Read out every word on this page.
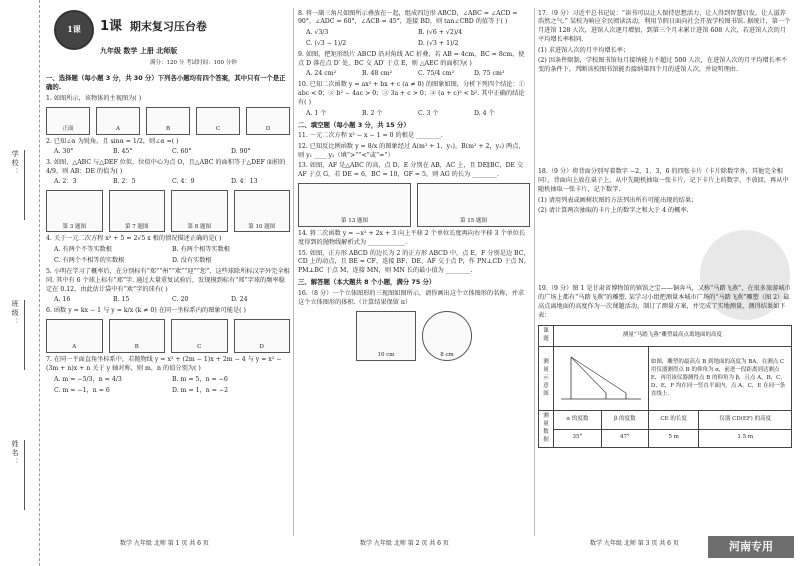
学校：
班级：
姓名：
1课	1课 期末复习压台卷
九年级 数学 上册 北师版
满分：120 分 考试时间：100 分钟
一、选择题（每小题 3 分，共 30 分）下列各小题均有四个答案，其中只有一个是正确的.
1. 如图所示，该物体的主视图为( )
正面	A	B	C	D
2. 已知∠α 为锐角，且 sinα = 1/2，则∠α =( )
A. 30°	B. 45°	C. 60°	D. 90°
3. 如图，△ABC 与△DEF 位似，位似中心为点 O，且△ABC 的面积等于△DEF 面积的 4/9，则 AB：DE 的值为( )
A. 2：3	B. 2：5	C. 4：9	D. 4：13
第 3 题图	第 7 题图	第 8 题图	第 10 题图
4. 关于一元二次方程 x² + 5 = 2√5 x 根的情况描述正确的是( )
A. 有两个不等实数根	B. 有两个相等实数根
C. 有两个不相等的实数根	D. 没有实数根
5. 小明在学习了概率后，在分别标有“郑”“州”“欢”“迎”“您”，这些球除所标汉字外完全相同. 其中有 6 个球上标有“郑”字. 通过大量重复试验后，发现摸到标有“郑”字球的频率稳定在 0.12，由此估计袋中有“欢”字的球有( )
A. 16	B. 15	C. 20	D. 24
6. 函数 y = kx − 1 与 y = k/x (k ≠ 0) 在同一坐标系内的图象可能是( )
A	B	C	D
7. 在同一平面直角坐标系中，若抛物线 y = x² + (2m − 1)x + 2m − 4 与 y = x² − (3m + n)x + n 关于 y 轴对称，则 m，n 的值分别为( )
A. m = −5/3，n = 4/3	B. m = 5，n = −6
C. m = −1，n = 6	D. m = 1，n = −2
数学 九年级 北师 第 1 页 共 6 页
8. 将一副三角尺如图所示叠放在一起，组成四边形 ABCD，∠ABC = ∠ACD = 90°，∠ADC = 60°，∠ACB = 45°，连接 BD，则 tan∠CBD 的值等于( )
A. √3/3	B. (√6 + √2)/4
C. (√3 − 1)/2	D. (√3 + 1)/2
9. 如图，把矩形纸片 ABCD 沿对角线 AC 折叠，若 AB = 4cm，BC = 8cm，使点 D 落在点 D′ 处，BC 交 AD′ 于点 E，则 △AEC 的面积为( )
A. 24 cm²	B. 48 cm²	C. 75/4 cm²	D. 75 cm²
10. 已知二次函数 y = ax² + bx + c (a ≠ 0) 的图象如图，分析下列四个结论：① abc < 0；② b² − 4ac > 0；③ 3a + c > 0；④ (a + c)² < b². 其中正确的结论有( )
A. 1 个	B. 2 个	C. 3 个	D. 4 个
二、填空题（每小题 3 分，共 15 分）
11. 一元二次方程 x² − x − 1 = 0 的根是 ________.
12. 已知反比例函数 y = 8/x 的图象经过 A(m² + 1，y₁)，B(m² + 2，y₂) 两点，则 y₁ ____ y₂（填“>”“<”或“=”）
13. 如图，AF 是△ABC 的高，点 D，E 分别在 AB，AC 上，且 DE∥BC，DE 交 AF 于点 G，若 DE = 6，BC = 10，GF = 5，则 AG 的长为 ________.
第 13 题图	第 15 题图
14. 将二次函数 y = −x² + 2x + 3 向上平移 2 个单位长度再向右平移 3 个单位长度得到的抛物线解析式为 ____________.
15. 如图，正方形 ABCD 的边长为 2 的正方形 ABCD 中，点 E，F 分别是边 BC，CD 上的动点，且 BE = CF，连接 BF，DE，AF 交于点 P，作 PN⊥CD 于点 N，PM⊥BC 于点 M，连接 MN，则 MN 长的最小值为 ________.
三、解答题（本大题共 8 个小题，满分 75 分）
16.（8 分）一个立体图形的三视图如图所示，请你画出这个立体图形的名称，并求这个立体图形的体积.（计算结果保留 π）
10 cm	8 cm
数学 九年级 北师 第 2 页 共 6 页
17.（9 分）习近平总书记说：“读书可以让人保持思想活力，让人得到智慧启发，让人滋养浩然之气.” 某校为响应全民阅读活动，利用节假日面向社会开放学校图书馆. 据统计，第一个月进馆 128 人次，进馆人次逐月增加，到第三个月末累计进馆 608 人次，若进馆人次的月平均增长率相同.
(1) 求进馆人次的月平均增长率；
(2) 因条件限制，学校图书馆每月接纳能力不超过 500 人次，在进馆人次的月平均增长率不变的条件下，判断该校图书馆能否接纳第四个月的进馆人次，并说明理由.
18.（9 分）将背面分别写着数字 −2，1，3，6 的四张卡片（卡片除数字外，其他完全相同），背面向上放在桌子上，从中先随机抽取一张卡片，记下卡片上的数字，不放回，再从中随机抽取一张卡片，记下数字.
(1) 请用列表或画树状图的方法列出所有可能出现的结果；
(2) 请计算两次抽取的卡片上的数字之和大于 4 的概率.
19.（9 分）图 1 是甘肃省博物馆的镇馆之宝——铜奔马，又称“马踏飞燕”，在很多旅游城市的广场上都有“马踏飞燕”的雕塑. 某学习小组把测量本城市广场的“马踏飞燕”雕塑（图 2）最高点离地面的高度作为一次课题活动，制订了测量方案，并完成了实地测量，测得结果如下表：
课题	测量“马踏飞燕”雕塑最高点离地面的高度			
测量示意图			如图，雕塑的最高点 B 到地面的高度为 BA，在测点 C 用仪器测得点 B 的仰角为 α，前进一段距离到达测点 E，再用该仪器测得点 B 的仰角为 β，且点 A，B，C，D，E，F 均在同一竖直平面内，点 A，C，E 在同一条直线上.	
测量数据	α 的度数	β 的度数	CE 的长度	仪器 CD(EF) 的高度
	35°	47°	5 m	1.5 m
数学 九年级 北师 第 3 页 共 6 页	河南专用
